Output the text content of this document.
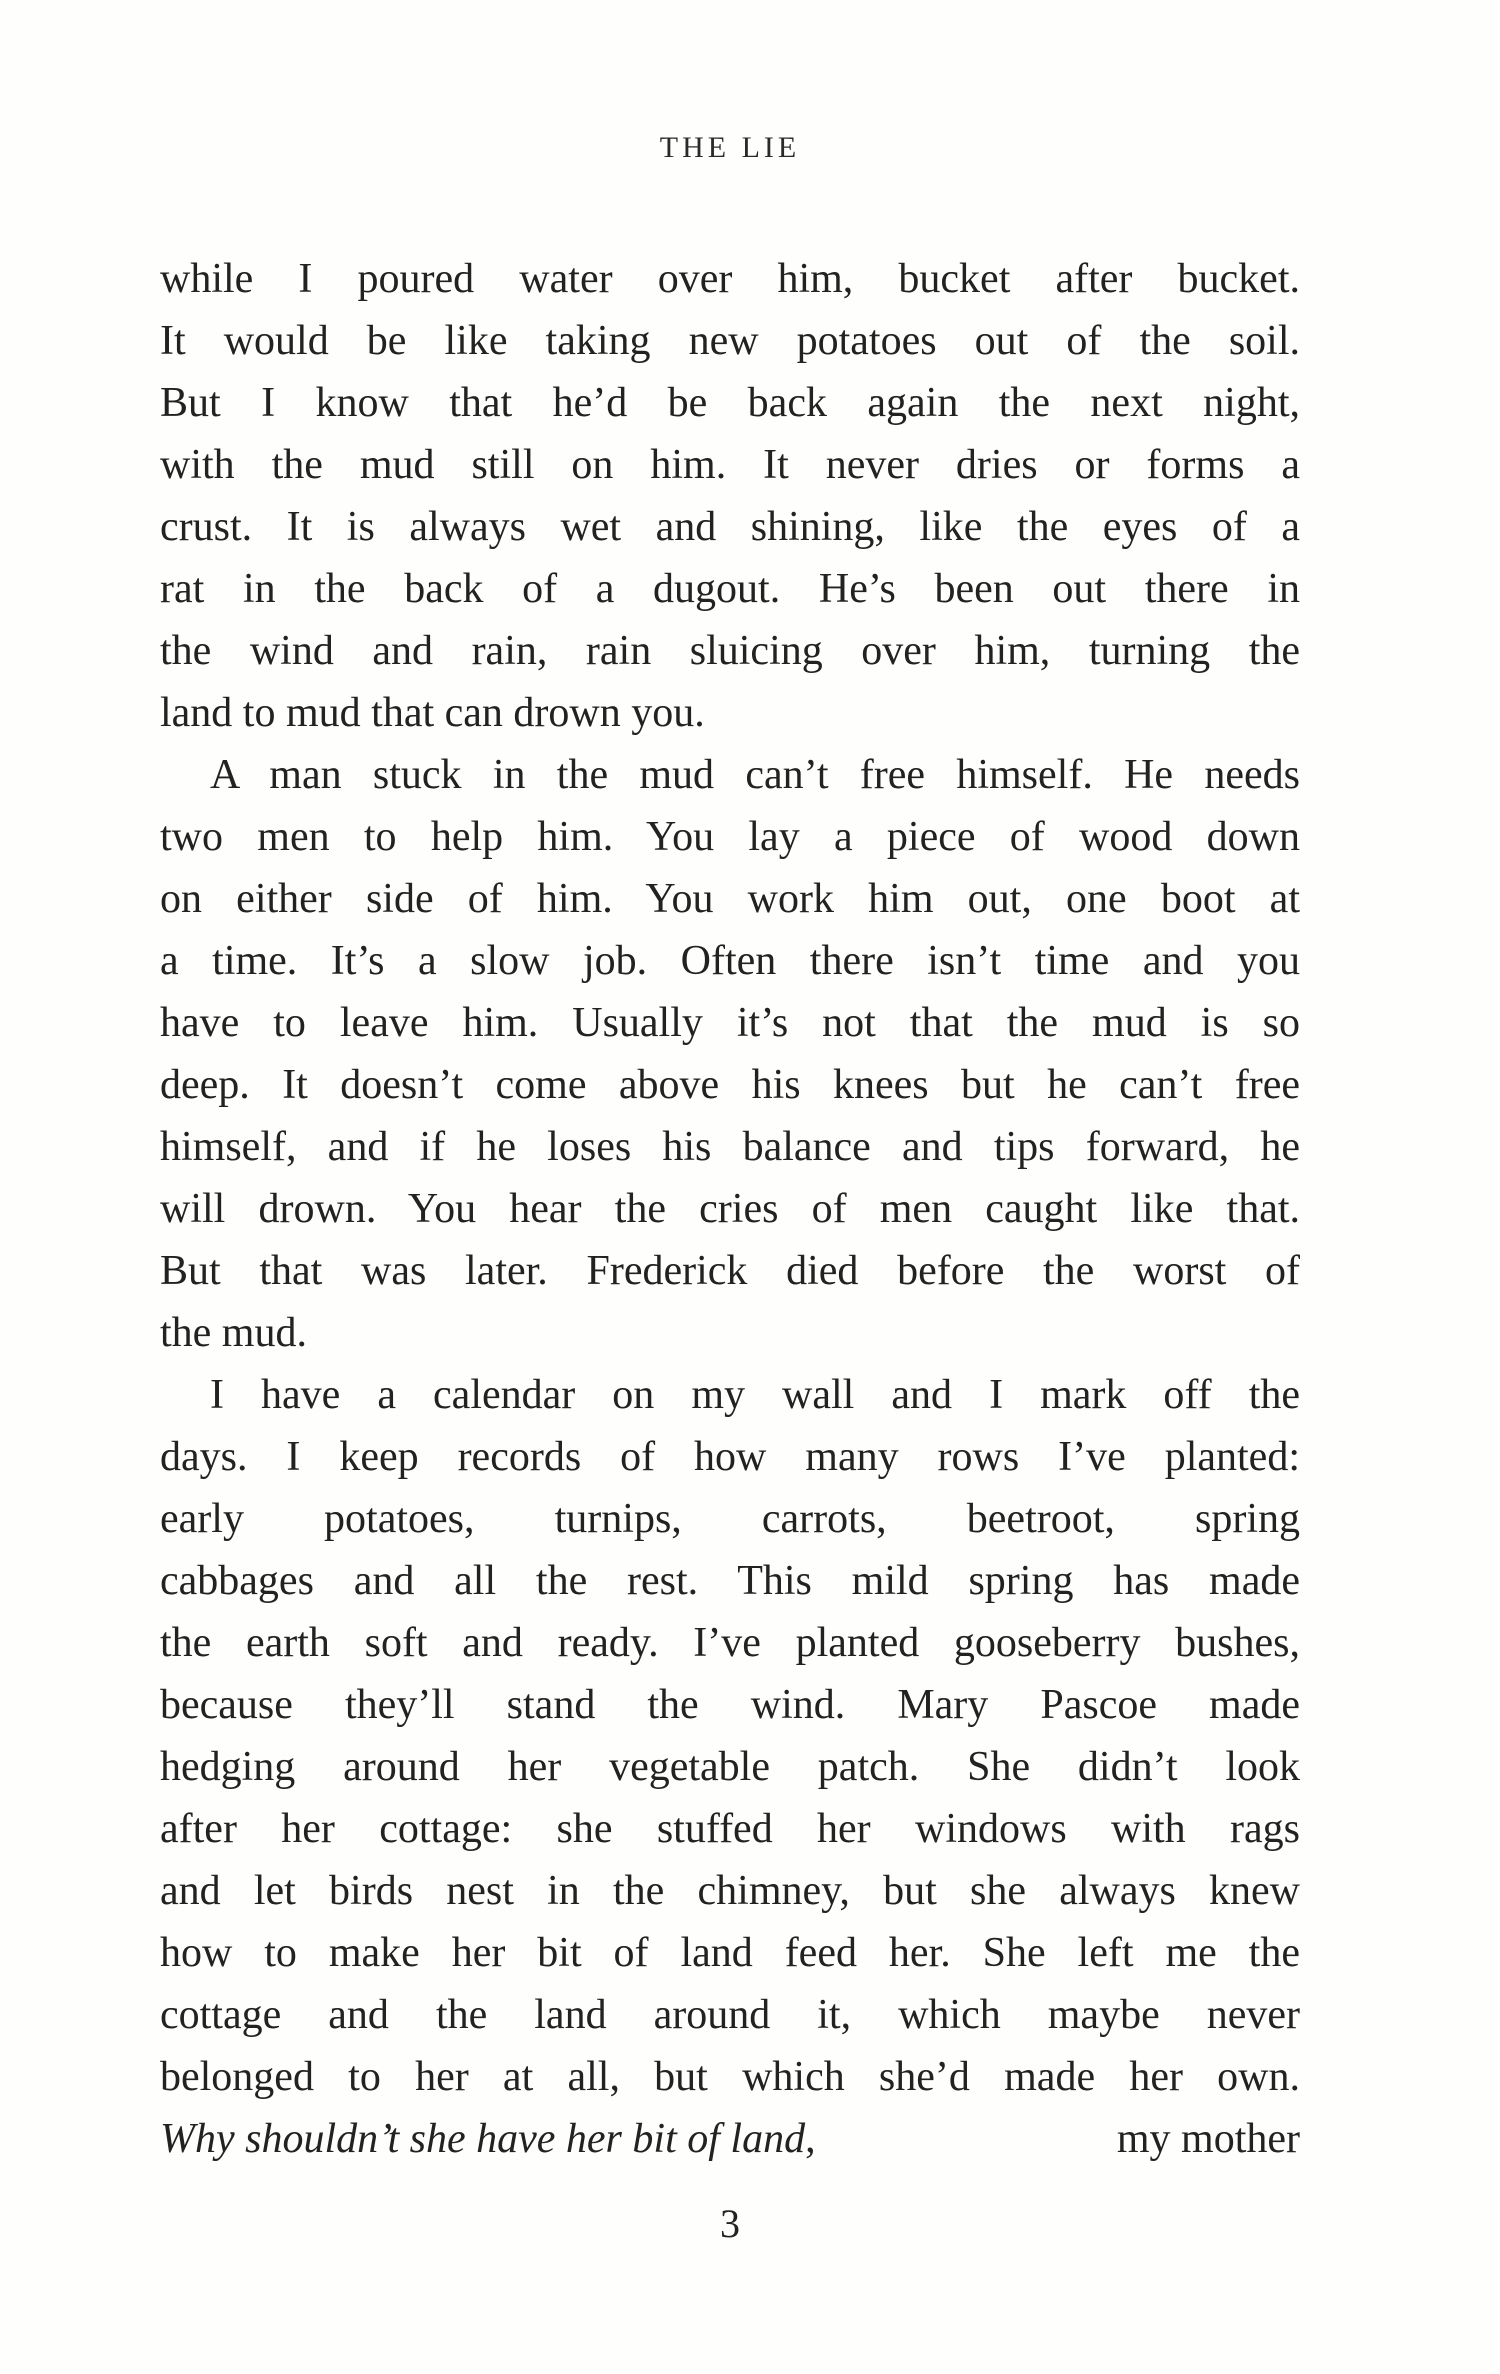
THE LIE
while I poured water over him, bucket after bucket.
It would be like taking new potatoes out of the soil.
But I know that he’d be back again the next night,
with the mud still on him. It never dries or forms a
crust. It is always wet and shining, like the eyes of a
rat in the back of a dugout. He’s been out there in
the wind and rain, rain sluicing over him, turning the
land to mud that can drown you.
A man stuck in the mud can’t free himself. He needs
two men to help him. You lay a piece of wood down
on either side of him. You work him out, one boot at
a time. It’s a slow job. Often there isn’t time and you
have to leave him. Usually it’s not that the mud is so
deep. It doesn’t come above his knees but he can’t free
himself, and if he loses his balance and tips forward, he
will drown. You hear the cries of men caught like that.
But that was later. Frederick died before the worst of
the mud.
I have a calendar on my wall and I mark off the
days. I keep records of how many rows I’ve planted:
early potatoes, turnips, carrots, beetroot, spring
cabbages and all the rest. This mild spring has made
the earth soft and ready. I’ve planted gooseberry bushes,
because they’ll stand the wind. Mary Pascoe made
hedging around her vegetable patch. She didn’t look
after her cottage: she stuffed her windows with rags
and let birds nest in the chimney, but she always knew
how to make her bit of land feed her. She left me the
cottage and the land around it, which maybe never
belonged to her at all, but which she’d made her own.
Why shouldn’t she have her bit of land,	my mother
3
